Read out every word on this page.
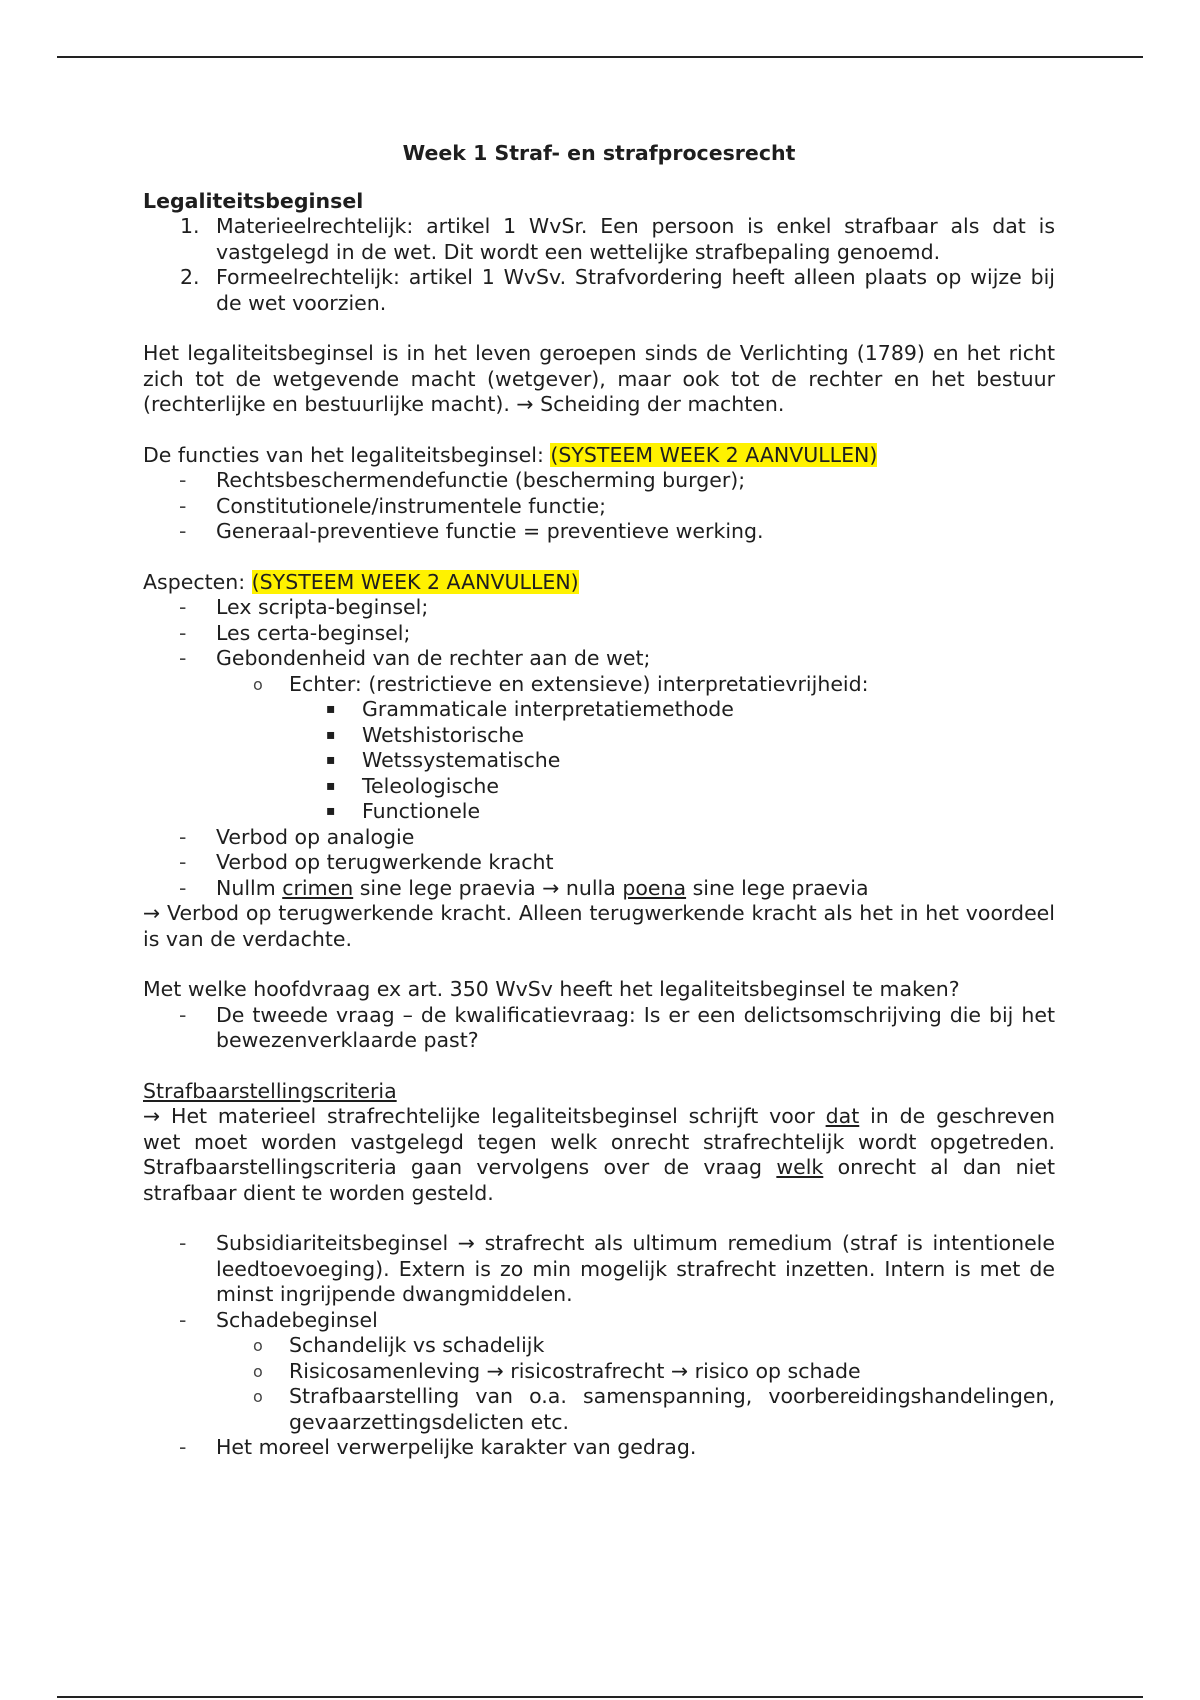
Week 1 Straf- en strafprocesrecht

Legaliteitsbeginsel

1. Materieelrechtelijk: artikel 1 WvSr. Een persoon is enkel strafbaar als dat is vastgelegd in de wet. Dit wordt een wettelijke strafbepaling genoemd.
2. Formeelrechtelijk: artikel 1 WvSv. Strafvordering heeft alleen plaats op wijze bij de wet voorzien.

Het legaliteitsbeginsel is in het leven geroepen sinds de Verlichting (1789) en het richt zich tot de wetgevende macht (wetgever), maar ook tot de rechter en het bestuur (rechterlijke en bestuurlijke macht). → Scheiding der machten.

De functies van het legaliteitsbeginsel: (SYSTEEM WEEK 2 AANVULLEN)

- Rechtsbeschermendefunctie (bescherming burger);
- Constitutionele/instrumentele functie;
- Generaal-preventieve functie = preventieve werking.

Aspecten: (SYSTEEM WEEK 2 AANVULLEN)

- Lex scripta-beginsel;
- Les certa-beginsel;
- Gebondenheid van de rechter aan de wet;
o Echter: (restrictieve en extensieve) interpretatievrijheid:
▪ Grammaticale interpretatiemethode
▪ Wetshistorische
▪ Wetssystematische
▪ Teleologische
▪ Functionele
- Verbod op analogie
- Verbod op terugwerkende kracht
- Nullm crimen sine lege praevia → nulla poena sine lege praevia

→ Verbod op terugwerkende kracht. Alleen terugwerkende kracht als het in het voordeel is van de verdachte.

Met welke hoofdvraag ex art. 350 WvSv heeft het legaliteitsbeginsel te maken?

- De tweede vraag – de kwalificatievraag: Is er een delictsomschrijving die bij het bewezenverklaarde past?

Strafbaarstellingscriteria

→ Het materieel strafrechtelijke legaliteitsbeginsel schrijft voor dat in de geschreven wet moet worden vastgelegd tegen welk onrecht strafrechtelijk wordt opgetreden. Strafbaarstellingscriteria gaan vervolgens over de vraag welk onrecht al dan niet strafbaar dient te worden gesteld.

- Subsidiariteitsbeginsel → strafrecht als ultimum remedium (straf is intentionele leedtoevoeging). Extern is zo min mogelijk strafrecht inzetten. Intern is met de minst ingrijpende dwangmiddelen.
- Schadebeginsel
o Schandelijk vs schadelijk
o Risicosamenleving → risicostrafrecht → risico op schade
o Strafbaarstelling van o.a. samenspanning, voorbereidingshandelingen, gevaarzettingsdelicten etc.
- Het moreel verwerpelijke karakter van gedrag.
